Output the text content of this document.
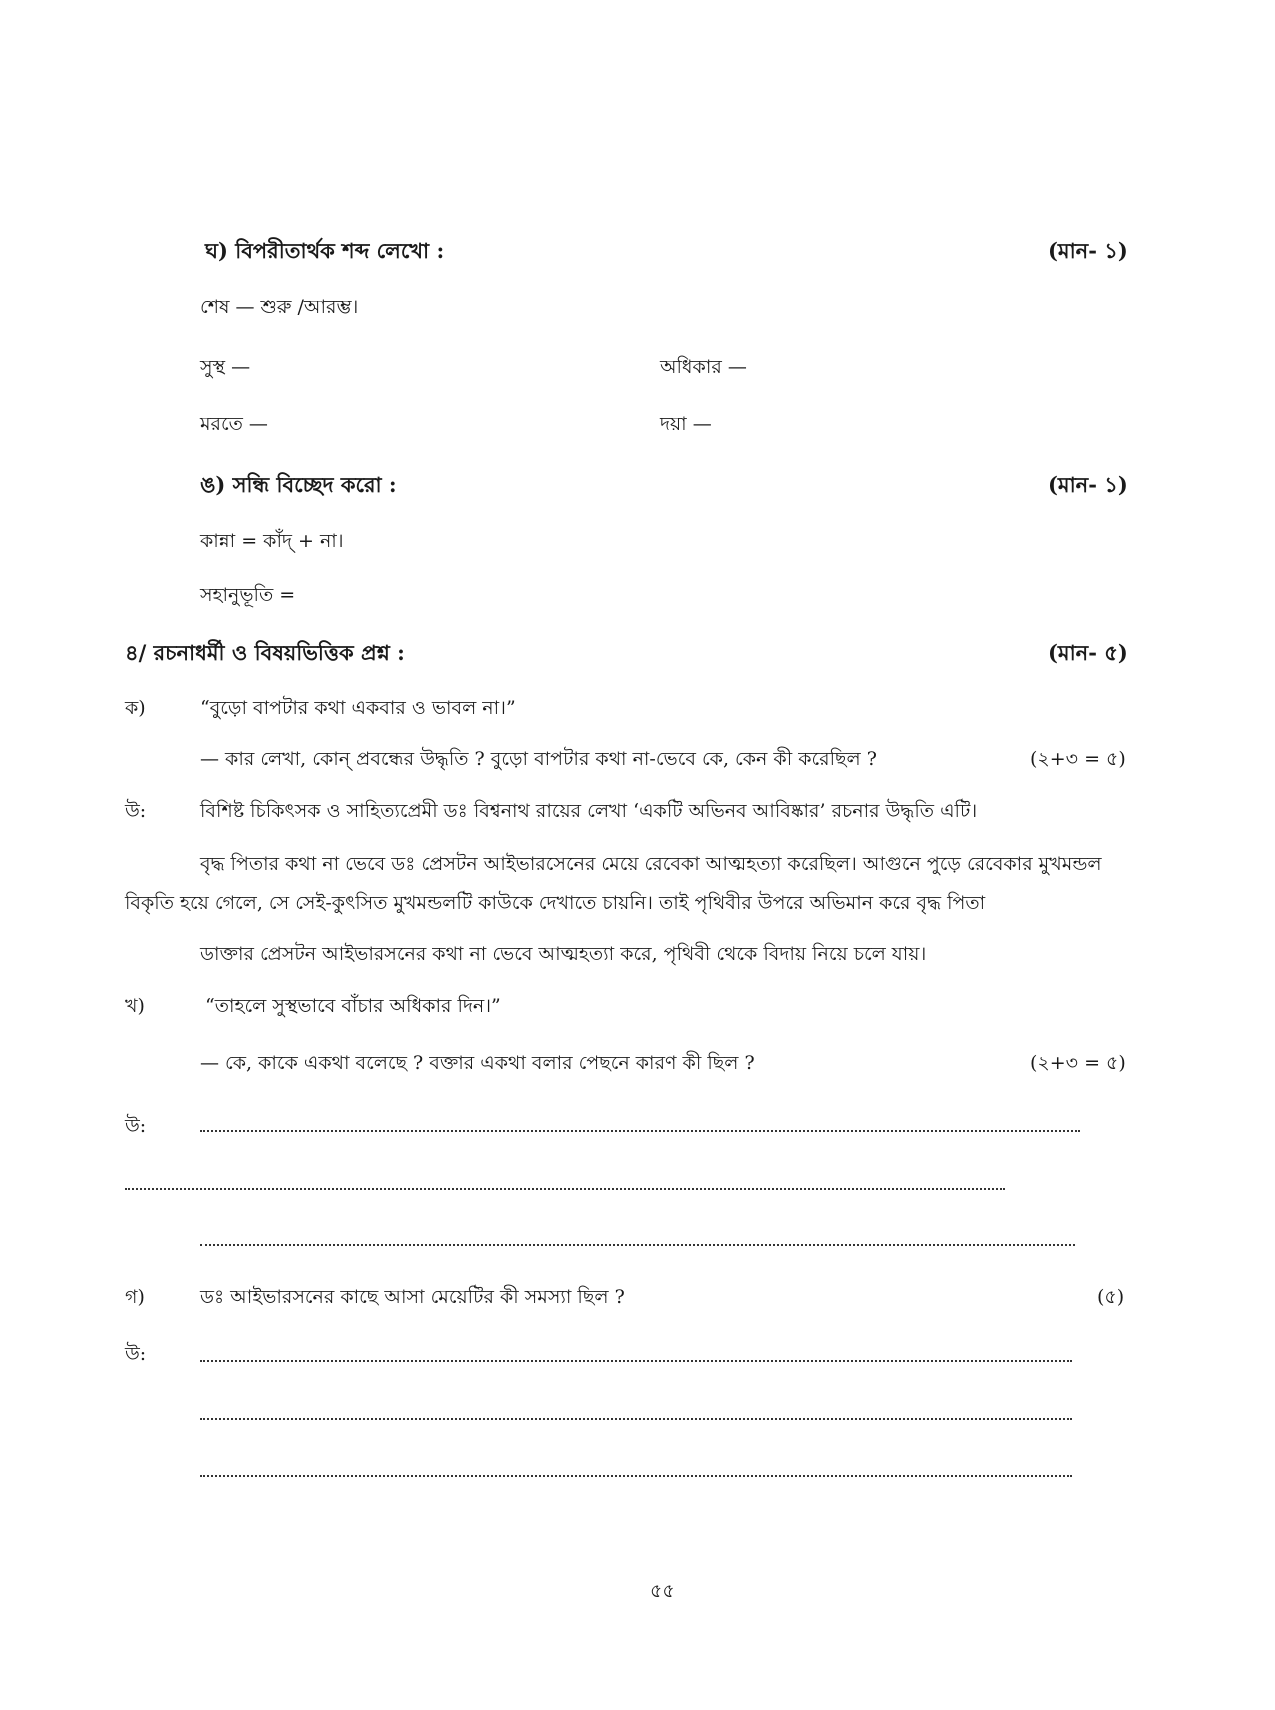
ঘ) বিপরীতার্থক শব্দ লেখো :	(মান- ১)
শেষ — শুরু /আরম্ভ।
সুস্থ —	অধিকার —
মরতে —	দয়া —
ঙ) সন্ধি বিচ্ছেদ করো :	(মান- ১)
কান্না = কাঁদ্‌ + না।
সহানুভূতি =
৪/ রচনাধর্মী ও বিষয়ভিত্তিক প্রশ্ন :	(মান- ৫)
ক)	“বুড়ো বাপটার কথা একবার ও ভাবল না।”
— কার লেখা, কোন্‌ প্রবন্ধের উদ্ধৃতি ? বুড়ো বাপটার কথা না-ভেবে কে, কেন কী করেছিল ?	(২+৩ = ৫)
উ:	বিশিষ্ট চিকিৎসক ও সাহিত্যপ্রেমী ডঃ বিশ্বনাথ রায়ের লেখা ‘একটি অভিনব আবিষ্কার’ রচনার উদ্ধৃতি এটি।
বৃদ্ধ পিতার কথা না ভেবে ডঃ প্রেসটন আইভারসেনের মেয়ে রেবেকা আত্মহত্যা করেছিল। আগুনে পুড়ে রেবেকার মুখমন্ডল
বিকৃতি হয়ে গেলে, সে সেই-কুৎসিত মুখমন্ডলটি কাউকে দেখাতে চায়নি। তাই পৃথিবীর উপরে অভিমান করে বৃদ্ধ পিতা
ডাক্তার প্রেসটন আইভারসনের কথা না ভেবে আত্মহত্যা করে, পৃথিবী থেকে বিদায় নিয়ে চলে যায়।
খ)	“তাহলে সুস্থভাবে বাঁচার অধিকার দিন।”
— কে, কাকে একথা বলেছে ? বক্তার একথা বলার পেছনে কারণ কী ছিল ?	(২+৩ = ৫)
উ:
গ)	ডঃ আইভারসনের কাছে আসা মেয়েটির কী সমস্যা ছিল ?	(৫)
উ:
৫৫
